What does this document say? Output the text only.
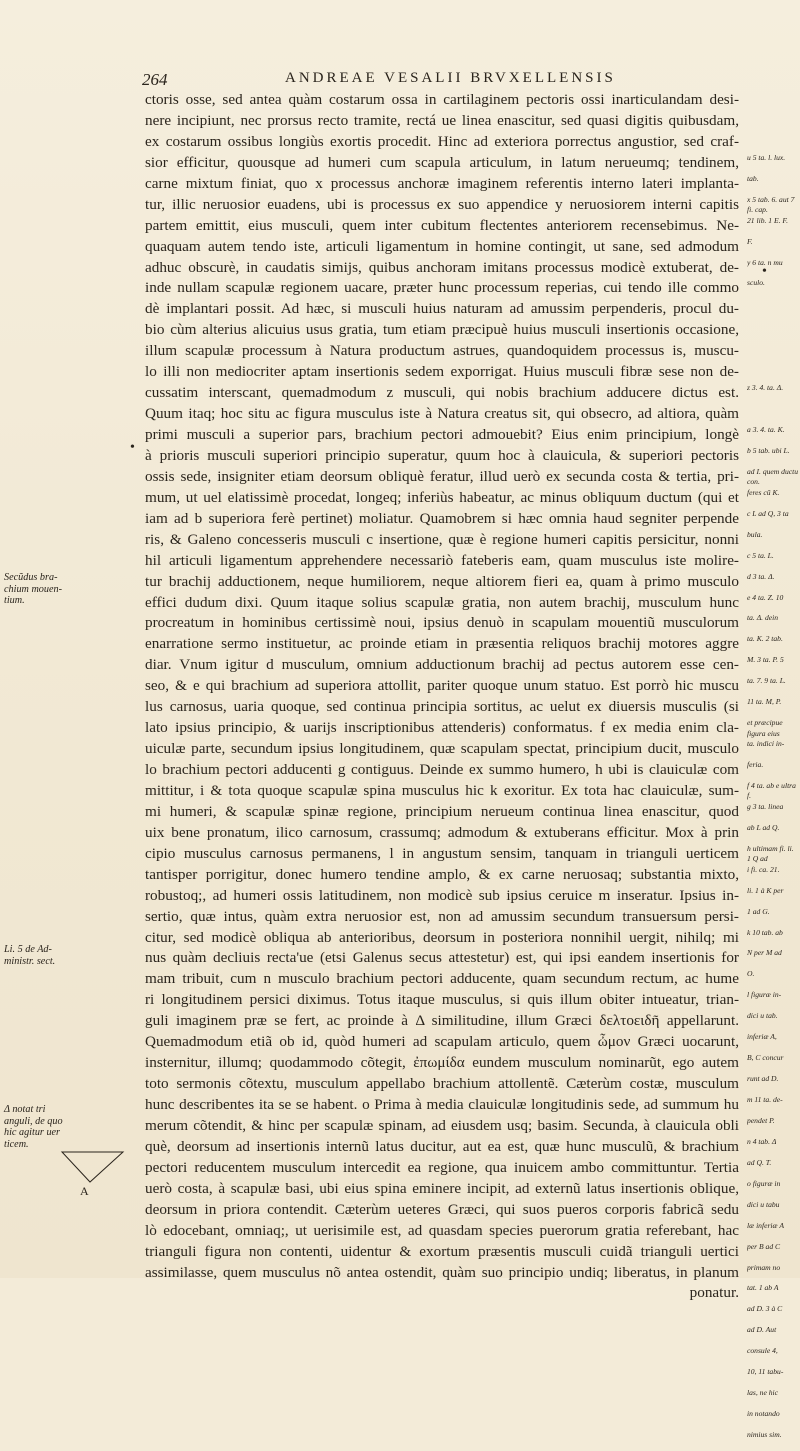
264	ANDREAE VESALII BRVXELLENSIS
ctoris osse, sed antea quàm costarum ossa in cartilaginem pectoris ossi inarticulandam desi-
nere incipiunt, nec prorsus recto tramite, rectá ue linea enascitur, sed quasi digitis quibusdam,
ex costarum ossibus longiùs exortis procedit. Hinc ad exteriora porrectus angustior, sed craf-
sior efficitur, quousque ad humeri cum scapula articulum, in latum nerueumq; tendinem,
carne mixtum finiat, quo x processus anchoræ imaginem referentis interno lateri implanta-
tur, illic neruosior euadens, ubi is processus ex suo appendice y neruosiorem interni capitis
partem emittit, eius musculi, quem inter cubitum flectentes anteriorem recensebimus. Ne-
quaquam autem tendo iste, articuli ligamentum in homine contingit, ut sane, sed admodum
adhuc obscurè, in caudatis simijs, quibus anchoram imitans processus modicè extuberat, de-
inde nullam scapulæ regionem uacare, præter hunc processum reperias, cui tendo ille commo
dè implantari possit. Ad hæc, si musculi huius naturam ad amussim perpenderis, procul du-
bio cùm alterius alicuius usus gratia, tum etiam præcipuè huius musculi insertionis occasione,
illum scapulæ processum à Natura productum astrues, quandoquidem processus is, muscu-
lo illi non mediocriter aptam insertionis sedem exporrigat. Huius musculi fibræ sese non de-
cussatim interscant, quemadmodum z musculi, qui nobis brachium adducere dictus est.
Quum itaq; hoc situ ac figura musculus iste à Natura creatus sit, qui obsecro, ad altiora, quàm
primi musculi a superior pars, brachium pectori admouebit? Eius enim principium, longè
à prioris musculi superiori principio superatur, quum hoc à clauicula, & superiori pectoris
ossis sede, insigniter etiam deorsum obliquè feratur, illud uerò ex secunda costa & tertia, pri-
mum, ut uel elatissimè procedat, longeq; inferiùs habeatur, ac minus obliquum ductum (qui et
iam ad b superiora ferè pertinet) moliatur. Quamobrem si hæc omnia haud segniter perpende
ris, & Galeno concesseris musculi c insertione, quæ è regione humeri capitis persicitur, nonni
hil articuli ligamentum apprehendere necessariò fateberis eam, quam musculus iste molire-
tur brachij adductionem, neque humiliorem, neque altiorem fieri ea, quam à primo musculo
effici dudum dixi. Quum itaque solius scapulæ gratia, non autem brachij, musculum hunc
procreatum in hominibus certissimè noui, ipsius denuò in scapulam mouentiũ musculorum
enarratione sermo instituetur, ac proinde etiam in præsentia reliquos brachij motores aggre
diar. Vnum igitur d musculum, omnium adductionum brachij ad pectus autorem esse cen-
seo, & e qui brachium ad superiora attollit, pariter quoque unum statuo. Est porrò hic muscu
lus carnosus, uaria quoque, sed continua principia sortitus, ac uelut ex diuersis musculis (si
lato ipsius principio, & uarijs inscriptionibus attenderis) conformatus. f ex media enim cla-
uiculæ parte, secundum ipsius longitudinem, quæ scapulam spectat, principium ducit, musculo
lo brachium pectori adducenti g contiguus. Deinde ex summo humero, h ubi is clauiculæ com
mittitur, i & tota quoque scapulæ spina musculus hic k exoritur. Ex tota hac clauiculæ, sum-
mi humeri, & scapulæ spinæ regione, principium nerueum continua linea enascitur, quod
uix bene pronatum, ilico carnosum, crassumq; admodum & extuberans efficitur. Mox à prin
cipio musculus carnosus permanens, l in angustum sensim, tanquam in trianguli uerticem
tantisper porrigitur, donec humero tendine amplo, & ex carne neruosaq; substantia mixto,
robustoq;, ad humeri ossis latitudinem, non modicè sub ipsius ceruice m inseratur. Ipsius in-
sertio, quæ intus, quàm extra neruosior est, non ad amussim secundum transuersum persi-
citur, sed modicè obliqua ab anterioribus, deorsum in posteriora nonnihil uergit, nihilq; mi
nus quàm decliuis recta'ue (etsi Galenus secus attestetur) est, qui ipsi eandem insertionis for
mam tribuit, cum n musculo brachium pectori adducente, quam secundum rectum, ac hume
ri longitudinem persici diximus. Totus itaque musculus, si quis illum obiter intueatur, trian-
guli imaginem præ se fert, ac proinde à Δ similitudine, illum Græci δελτοειδῆ appellarunt.
Quemadmodum etiã ob id, quòd humeri ad scapulam articulo, quem ὦμον Græci uocarunt,
insternitur, illumq; quodammodo cõtegit, ἐπωμίδα eundem musculum nominarũt, ego autem
toto sermonis cõtextu, musculum appellabo brachium attollentẽ. Cæterùm costæ, musculum
hunc describentes ita se se habent. o Prima à media clauiculæ longitudinis sede, ad summum hu
merum cõtendit, & hinc per scapulæ spinam, ad eiusdem usq; basim. Secunda, à clauicula obli
què, deorsum ad insertionis internũ latus ducitur, aut ea est, quæ hunc musculũ, & brachium
pectori reducentem musculum intercedit ea regione, qua inuicem ambo committuntur. Tertia
uerò costa, à scapulæ basi, ubi eius spina eminere incipit, ad externũ latus insertionis oblique,
deorsum in priora contendit. Cæterùm ueteres Græci, qui suos pueros corporis fabricã sedu
lò edocebant, omniaq;, ut uerisimile est, ad quasdam species puerorum gratia referebant, hac
trianguli figura non contenti, uidentur & exortum præsentis musculi cuidã trianguli uertici
assimilasse, quem musculus nõ antea ostendit, quàm suo principio undiq; liberatus, in planum
ponatur.
u 5 ta. l. lux.
tab.
x 5 tab. 6. aut 7 fi. cap.
21 lib. 1 E. F.
F.
y 6 ta. n mu
sculo.
z 3. 4. ta. Δ.
a 3. 4. ta. K.
b 5 tab. ubi L.
ad I. quem ductu con.
feres cũ K.
c L ad Q, 3 ta
bula.
c 5 ta. L.
d 3 ta. Δ.
e 4 ta. Z. 10
ta. Δ. dein
ta. K. 2 tab.
M. 3 ta. P. 5
ta. 7. 9 ta. L.
11 ta. M, P.
et præcipue figura eius
ta. indici in-
feria.
f 4 ta. ab e ultra f.
g 3 ta. linea
ab L ad Q.
h ultimam fi. li. 1 Q ad
i fi. ca. 21.
li. 1 à K per
1 ad G.
k 10 tab. ab
N per M ad
O.
l figuræ in-
dici u tab.
inferiæ A,
B, C concur
runt ad D.
m 11 ta. de-
pendet P.
n 4 tab. Δ
ad Q. T.
o figuræ in
dici u tabu
læ inferiæ A
per B ad C
primam no
tat. 1 ab A
ad D. 3 à C
ad D. Aut
consule 4,
10, 11 tabu-
las, ne hic
in notando
nimius sim.
Secũdus bra-
chium mouen-
tium.
Li. 5 de Ad-
ministr. sect.
Δ notat tri
anguli, de quo
hic agitur uer
ticem.
A
•
•
